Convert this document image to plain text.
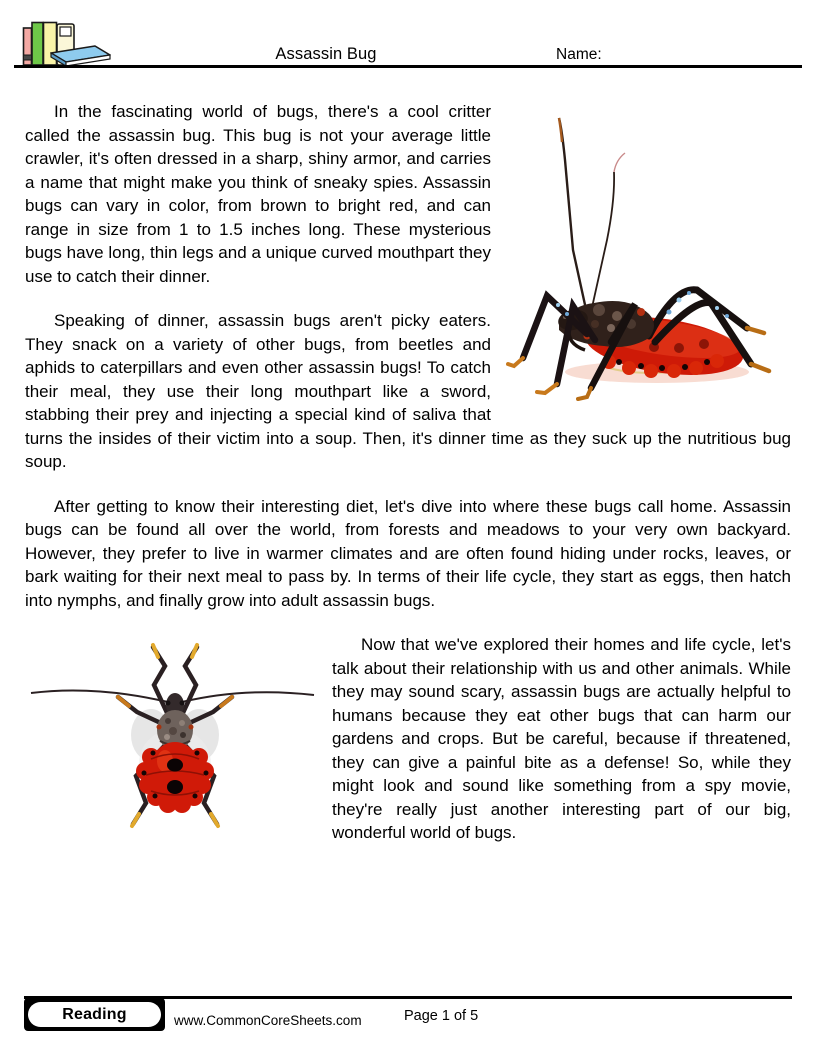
Assassin Bug	Name:

In the fascinating world of bugs, there's a cool critter called the assassin bug. This bug is not your average little crawler, it's often dressed in a sharp, shiny armor, and carries a name that might make you think of sneaky spies. Assassin bugs can vary in color, from brown to bright red, and can range in size from 1 to 1.5 inches long. These mysterious bugs have long, thin legs and a unique curved mouthpart they use to catch their dinner.

Speaking of dinner, assassin bugs aren't picky eaters. They snack on a variety of other bugs, from beetles and aphids to caterpillars and even other assassin bugs! To catch their meal, they use their long mouthpart like a sword, stabbing their prey and injecting a special kind of saliva that turns the insides of their victim into a soup. Then, it's dinner time as they suck up the nutritious bug soup.

After getting to know their interesting diet, let's dive into where these bugs call home. Assassin bugs can be found all over the world, from forests and meadows to your very own backyard. However, they prefer to live in warmer climates and are often found hiding under rocks, leaves, or bark waiting for their next meal to pass by. In terms of their life cycle, they start as eggs, then hatch into nymphs, and finally grow into adult assassin bugs.

Now that we've explored their homes and life cycle, let's talk about their relationship with us and other animals. While they may sound scary, assassin bugs are actually helpful to humans because they eat other bugs that can harm our gardens and crops. But be careful, because if threatened, they can give a painful bite as a defense! So, while they might look and sound like something from a spy movie, they're really just another interesting part of our big, wonderful world of bugs.

Reading	www.CommonCoreSheets.com	Page 1 of 5
